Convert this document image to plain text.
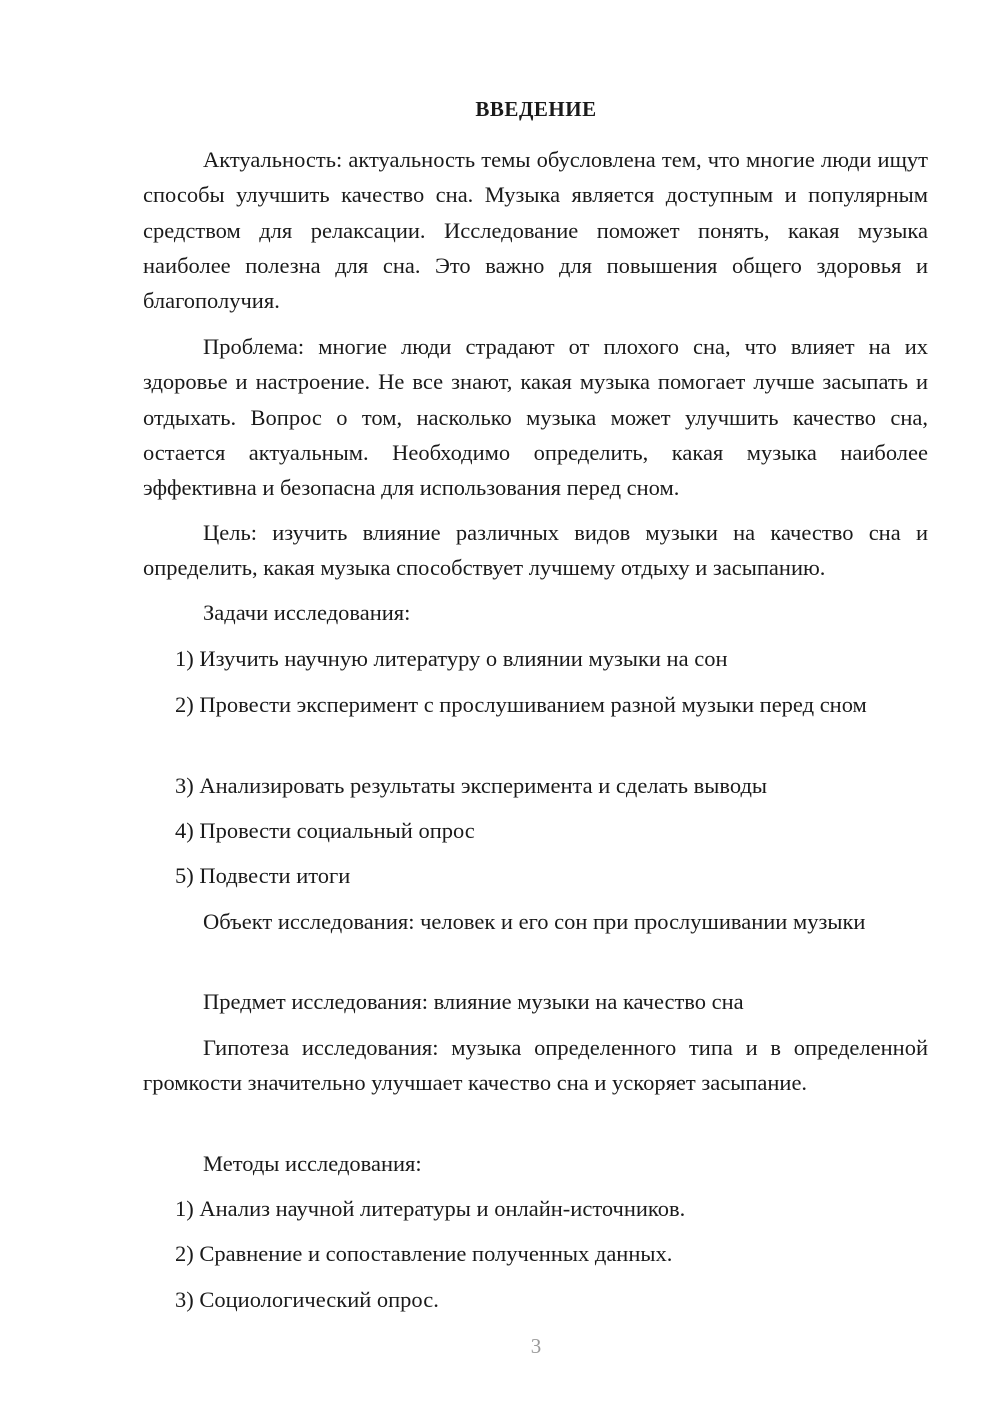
ВВЕДЕНИЕ

Актуальность: актуальность темы обусловлена тем, что многие люди ищут способы улучшить качество сна. Музыка является доступным и популярным средством для релаксации. Исследование поможет понять, какая музыка наиболее полезна для сна. Это важно для повышения общего здоровья и благополучия.

Проблема: многие люди страдают от плохого сна, что влияет на их здоровье и настроение. Не все знают, какая музыка помогает лучше засыпать и отдыхать. Вопрос о том, насколько музыка может улучшить качество сна, остается актуальным. Необходимо определить, какая музыка наиболее эффективна и безопасна для использования перед сном.

Цель: изучить влияние различных видов музыки на качество сна и определить, какая музыка способствует лучшему отдыху и засыпанию.

Задачи исследования:

1) Изучить научную литературу о влиянии музыки на сон

2) Провести эксперимент с прослушиванием разной музыки перед сном

3) Анализировать результаты эксперимента и сделать выводы

4) Провести социальный опрос

5) Подвести итоги

Объект исследования: человек и его сон при прослушивании музыки

Предмет исследования: влияние музыки на качество сна

Гипотеза исследования: музыка определенного типа и в определенной громкости значительно улучшает качество сна и ускоряет засыпание.

Методы исследования:

1) Анализ научной литературы и онлайн-источников.

2) Сравнение и сопоставление полученных данных.

3) Социологический опрос.

3
